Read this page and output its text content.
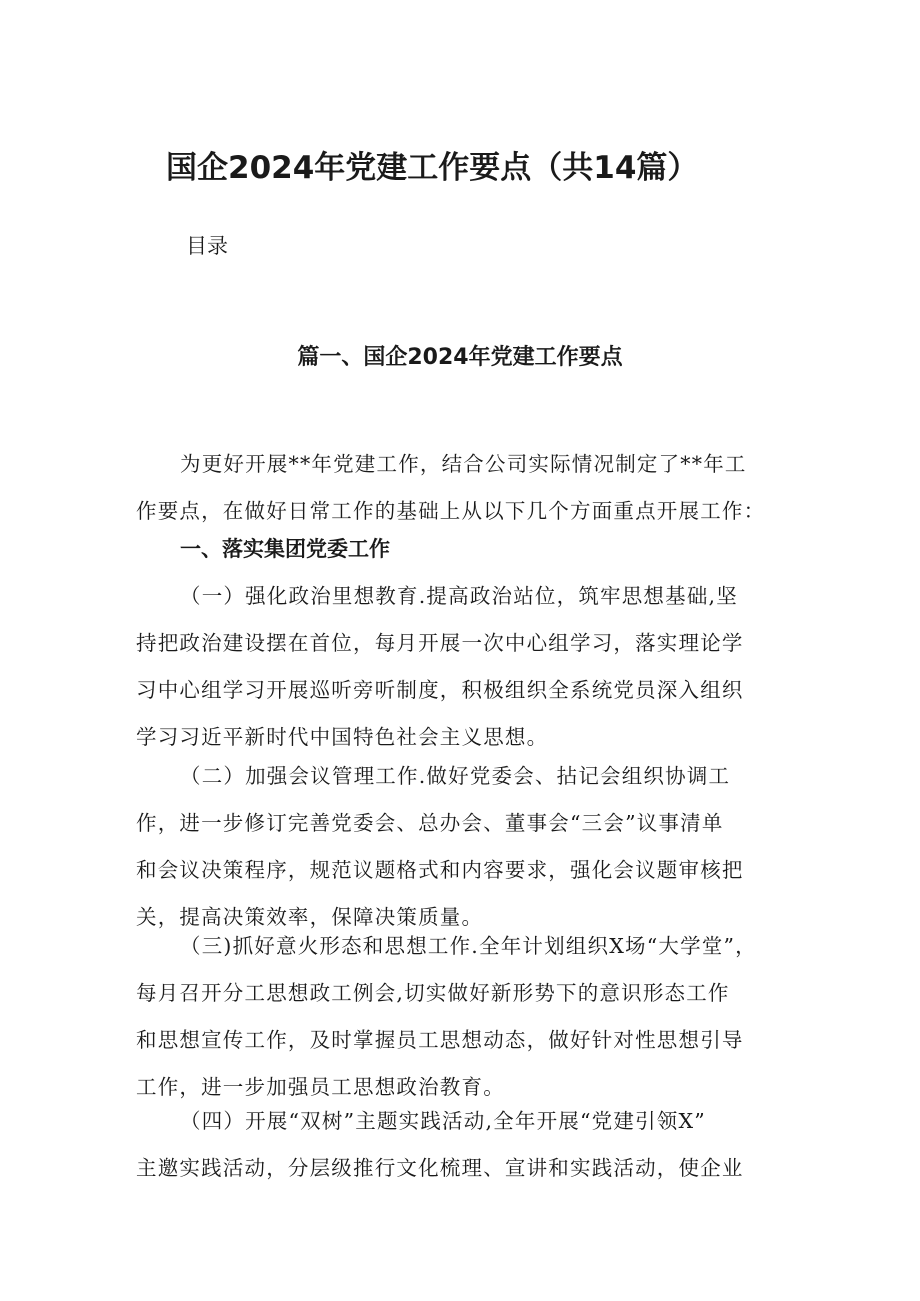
国企2024年党建工作要点（共14篇）
目录
篇一、国企2024年党建工作要点
为更好开展**年党建工作，结合公司实际情况制定了**年工
作要点，在做好日常工作的基础上从以下几个方面重点开展工作：
一、落实集团党委工作
（一）强化政治里想教育.提高政治站位，筑牢思想基础,坚
持把政治建设摆在首位，每月开展一次中心组学习，落实理论学
习中心组学习开展巡听旁听制度，积极组织全系统党员深入组织
学习习近平新时代中国特色社会主义思想。
（二）加强会议管理工作.做好党委会、拈记会组织协调工
作，进一步修订完善党委会、总办会、董事会“三会”议事清单
和会议决策程序，规范议题格式和内容要求，强化会议题审核把
关，提高决策效率，保障决策质量。
（三)抓好意火形态和思想工作.全年计划组织X场“大学堂”，
每月召开分工思想政工例会,切实做好新形势下的意识形态工作
和思想宣传工作，及时掌握员工思想动态，做好针对性思想引导
工作，进一步加强员工思想政治教育。
（四）开展“双树”主题实践活动,全年开展“党建引领X”
主邀实践活动，分层级推行文化梳理、宣讲和实践活动，使企业
